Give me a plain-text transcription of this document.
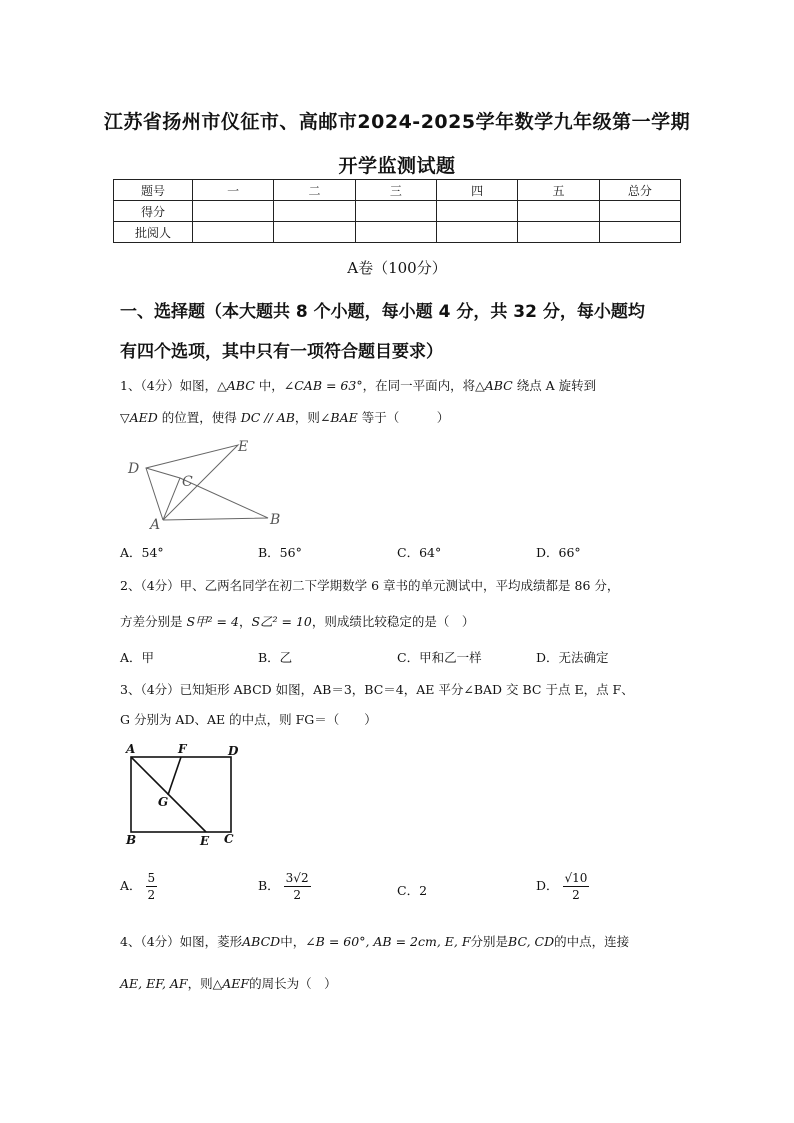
江苏省扬州市仪征市、高邮市2024-2025学年数学九年级第一学期
开学监测试题
题号	一	二	三	四	五	总分
得分						
批阅人						
A卷（100分）
一、选择题（本大题共 8 个小题，每小题 4 分，共 32 分，每小题均
有四个选项，其中只有一项符合题目要求）
1、（4分）如图，△ABC 中，∠CAB = 63°，在同一平面内，将△ABC 绕点 A 旋转到
▽AED 的位置，使得 DC // AB，则∠BAE 等于（　　　）
D
E
C
A	B
A．54°	B．56°	C．64°	D．66°
2、（4分）甲、乙两名同学在初二下学期数学 6 章书的单元测试中，平均成绩都是 86 分，
方差分别是 S甲² = 4，S乙² = 10，则成绩比较稳定的是（　）
A．甲	B．乙	C．甲和乙一样	D．无法确定
3、（4分）已知矩形 ABCD 如图，AB＝3，BC＝4，AE 平分∠BAD 交 BC 于点 E，点 F、
G 分别为 AD、AE 的中点，则 FG＝（　　）
A	F	D
G
B	E C
A． $\frac{5}{2}$	B． $\frac{3√2}{2}$	C．2	D． $\frac{√10}{2}$
4、（4分）如图，菱形ABCD中，∠B = 60°, AB = 2cm, E, F分别是BC, CD的中点，连接
AE, EF, AF，则△AEF的周长为（　）
